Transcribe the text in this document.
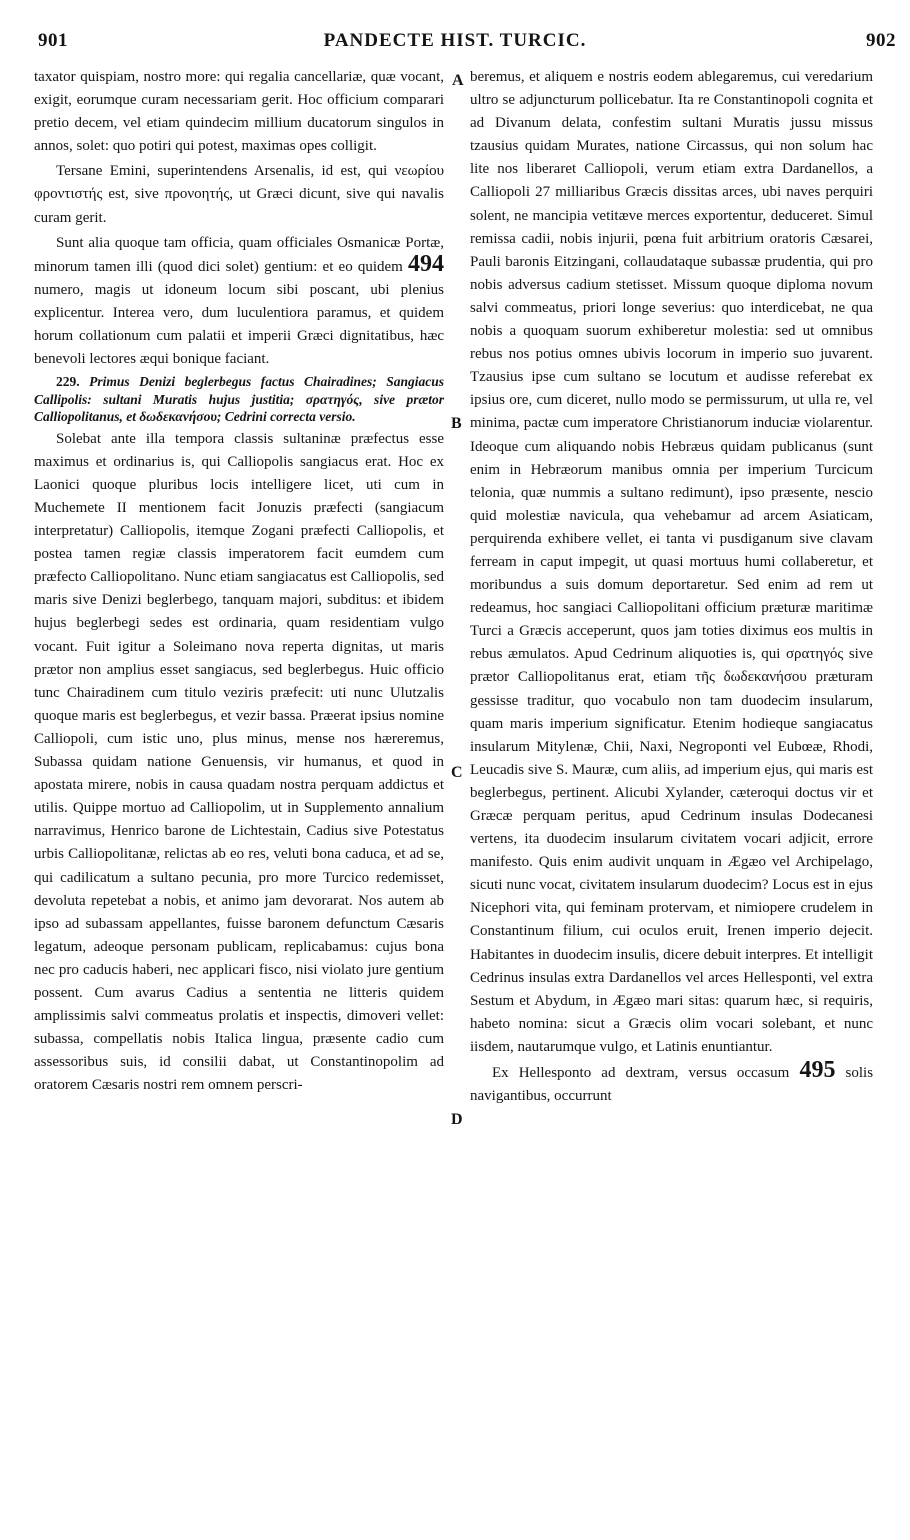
901	PANDECTE HIST. TURCIC.	902
A
B
C
D

taxator quispiam, nostro more: qui regalia cancellariæ, quæ vocant, exigit, eorumque curam necessariam gerit. Hoc officium comparari pretio decem, vel etiam quindecim millium ducatorum singulos in annos, solet: quo potiri qui potest, maximas opes colligit.

Tersane Emini, superintendens Arsenalis, id est, qui νεωρίου φροντιστής est, sive προνοητής, ut Græci dicunt, sive qui navalis curam gerit.

Sunt alia quoque tam officia, quam officiales Osmanicæ Portæ, minorum tamen illi (quod dici solet) gentium: et eo quidem 494 numero, magis ut idoneum locum sibi poscant, ubi plenius explicentur. Interea vero, dum luculentiora paramus, et quidem horum collationum cum palatii et imperii Græci dignitatibus, hæc benevoli lectores æqui bonique faciant.

229. Primus Denizi beglerbegus factus Chairadines; Sangiacus Callipolis: sultani Muratis hujus justitia; σρατηγός, sive prætor Calliopolitanus, et δωδεκανήσου; Cedrini correcta versio.

Solebat ante illa tempora classis sultaninæ præfectus esse maximus et ordinarius is, qui Calliopolis sangiacus erat. Hoc ex Laonici quoque pluribus locis intelligere licet, uti cum in Muchemete II mentionem facit Jonuzis præfecti (sangiacum interpretatur) Calliopolis, itemque Zogani præfecti Calliopolis, et postea tamen regiæ classis imperatorem facit eumdem cum præfecto Calliopolitano. Nunc etiam sangiacatus est Calliopolis, sed maris sive Denizi beglerbego, tanquam majori, subditus: et ibidem hujus beglerbegi sedes est ordinaria, quam residentiam vulgo vocant. Fuit igitur a Soleimano nova reperta dignitas, ut maris prætor non amplius esset sangiacus, sed beglerbegus. Huic officio tunc Chairadinem cum titulo veziris præfecit: uti nunc Ulutzalis quoque maris est beglerbegus, et vezir bassa. Præerat ipsius nomine Calliopoli, cum istic uno, plus minus, mense nos hæreremus, Subassa quidam natione Genuensis, vir humanus, et quod in apostata mirere, nobis in causa quadam nostra perquam addictus et utilis. Quippe mortuo ad Calliopolim, ut in Supplemento annalium narravimus, Henrico barone de Lichtestain, Cadius sive Potestatus urbis Calliopolitanæ, relictas ab eo res, veluti bona caduca, et ad se, qui cadilicatum a sultano pecunia, pro more Turcico redemisset, devoluta repetebat a nobis, et animo jam devorarat. Nos autem ab ipso ad subassam appellantes, fuisse baronem defunctum Cæsaris legatum, adeoque personam publicam, replicabamus: cujus bona nec pro caducis haberi, nec applicari fisco, nisi violato jure gentium possent. Cum avarus Cadius a sententia ne litteris quidem amplissimis salvi commeatus prolatis et inspectis, dimoveri vellet: subassa, compellatis nobis Italica lingua, præsente cadio cum assessoribus suis, id consilii dabat, ut Constantinopolim ad oratorem Cæsaris nostri rem omnem perscri-

beremus, et aliquem e nostris eodem ablegaremus, cui veredarium ultro se adjuncturum pollicebatur. Ita re Constantinopoli cognita et ad Divanum delata, confestim sultani Muratis jussu missus tzausius quidam Murates, natione Circassus, qui non solum hac lite nos liberaret Calliopoli, verum etiam extra Dardanellos, a Calliopoli 27 milliaribus Græcis dissitas arces, ubi naves perquiri solent, ne mancipia vetitæve merces exportentur, deduceret. Simul remissa cadii, nobis injurii, pœna fuit arbitrium oratoris Cæsarei, Pauli baronis Eitzingani, collaudataque subassæ prudentia, qui pro nobis adversus cadium stetisset. Missum quoque diploma novum salvi commeatus, priori longe severius: quo interdicebat, ne qua nobis a quoquam suorum exhiberetur molestia: sed ut omnibus rebus nos potius omnes ubivis locorum in imperio suo juvarent. Tzausius ipse cum sultano se locutum et audisse referebat ex ipsius ore, cum diceret, nullo modo se permissurum, ut ulla re, vel minima, pactæ cum imperatore Christianorum induciæ violarentur. Ideoque cum aliquando nobis Hebræus quidam publicanus (sunt enim in Hebræorum manibus omnia per imperium Turcicum telonia, quæ nummis a sultano redimunt), ipso præsente, nescio quid molestiæ navicula, qua vehebamur ad arcem Asiaticam, perquirenda exhibere vellet, ei tanta vi pusdiganum sive clavam ferream in caput impegit, ut quasi mortuus humi collaberetur, et moribundus a suis domum deportaretur. Sed enim ad rem ut redeamus, hoc sangiaci Calliopolitani officium præturæ maritimæ Turci a Græcis acceperunt, quos jam toties diximus eos multis in rebus æmulatos. Apud Cedrinum aliquoties is, qui σρατηγός sive prætor Calliopolitanus erat, etiam τῆς δωδεκανήσου præturam gessisse traditur, quo vocabulo non tam duodecim insularum, quam maris imperium significatur. Etenim hodieque sangiacatus insularum Mitylenæ, Chii, Naxi, Negroponti vel Eubœæ, Rhodi, Leucadis sive S. Mauræ, cum aliis, ad imperium ejus, qui maris est beglerbegus, pertinent. Alicubi Xylander, cæteroqui doctus vir et Græcæ perquam peritus, apud Cedrinum insulas Dodecanesi vertens, ita duodecim insularum civitatem vocari adjicit, errore manifesto. Quis enim audivit unquam in Ægæo vel Archipelago, sicuti nunc vocat, civitatem insularum duodecim? Locus est in ejus Nicephori vita, qui feminam protervam, et nimiopere crudelem in Constantinum filium, cui oculos eruit, Irenen imperio dejecit. Habitantes in duodecim insulis, dicere debuit interpres. Et intelligit Cedrinus insulas extra Dardanellos vel arces Hellesponti, vel extra Sestum et Abydum, in Ægæo mari sitas: quarum hæc, si requiris, habeto nomina: sicut a Græcis olim vocari solebant, et nunc iisdem, nautarumque vulgo, et Latinis enuntiantur.

Ex Hellesponto ad dextram, versus occasum 495 solis navigantibus, occurrunt
